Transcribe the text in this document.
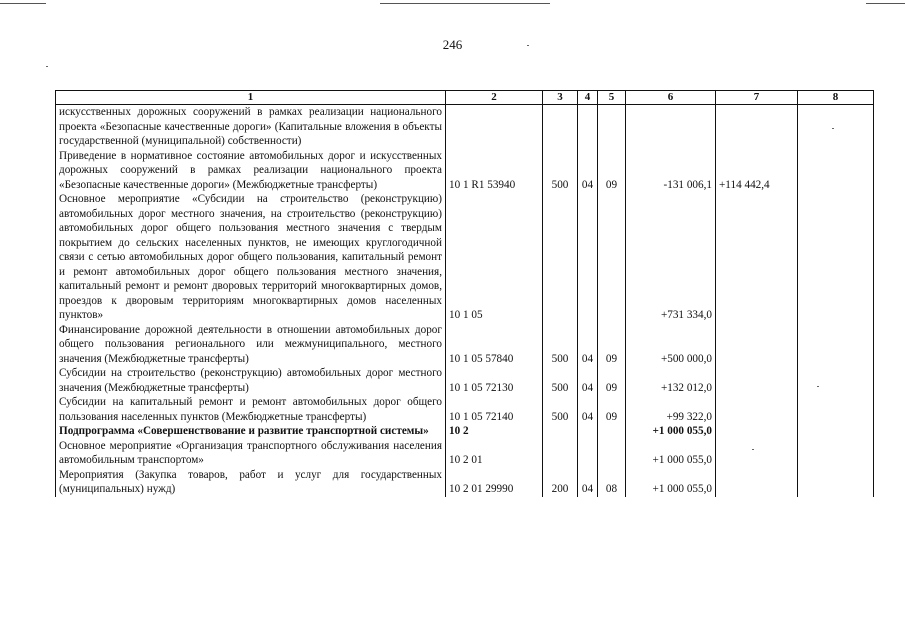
246
1	2	3	4	5	6	7	8
искусственных дорожных сооружений в рамках реализации национального проекта «Безопасные качественные дороги» (Капитальные вложения в объекты государственной (муниципальной) собственности)							
Приведение в нормативное состояние автомобильных дорог и искусственных дорожных сооружений в рамках реализации национального проекта «Безопасные качественные дороги» (Межбюджетные трансферты)	10 1 R1 53940	500	04	09	-131 006,1	+114 442,4	
Основное мероприятие «Субсидии на строительство (реконструкцию) автомобильных дорог местного значения, на строительство (реконструкцию) автомобильных дорог общего пользования местного значения с твердым покрытием до сельских населенных пунктов, не имеющих круглогодичной связи с сетью автомобильных дорог общего пользования, капитальный ремонт и ремонт автомобильных дорог общего пользования местного значения, капитальный ремонт и ремонт дворовых территорий многоквартирных домов, проездов к дворовым территориям многоквартирных домов населенных пунктов»	10 1 05				+731 334,0		
Финансирование дорожной деятельности в отношении автомобильных дорог общего пользования регионального или межмуниципального, местного значения (Межбюджетные трансферты)	10 1 05 57840	500	04	09	+500 000,0		
Субсидии на строительство (реконструкцию) автомобильных дорог местного значения (Межбюджетные трансферты)	10 1 05 72130	500	04	09	+132 012,0		
Субсидии на капитальный ремонт и ремонт автомобильных дорог общего пользования населенных пунктов (Межбюджетные трансферты)	10 1 05 72140	500	04	09	+99 322,0		
Подпрограмма «Совершенствование и развитие транспортной системы»	10 2				+1 000 055,0		
Основное мероприятие «Организация транспортного обслуживания населения автомобильным транспортом»	10 2 01				+1 000 055,0		
Мероприятия (Закупка товаров, работ и услуг для государственных (муниципальных) нужд)	10 2 01 29990	200	04	08	+1 000 055,0		
